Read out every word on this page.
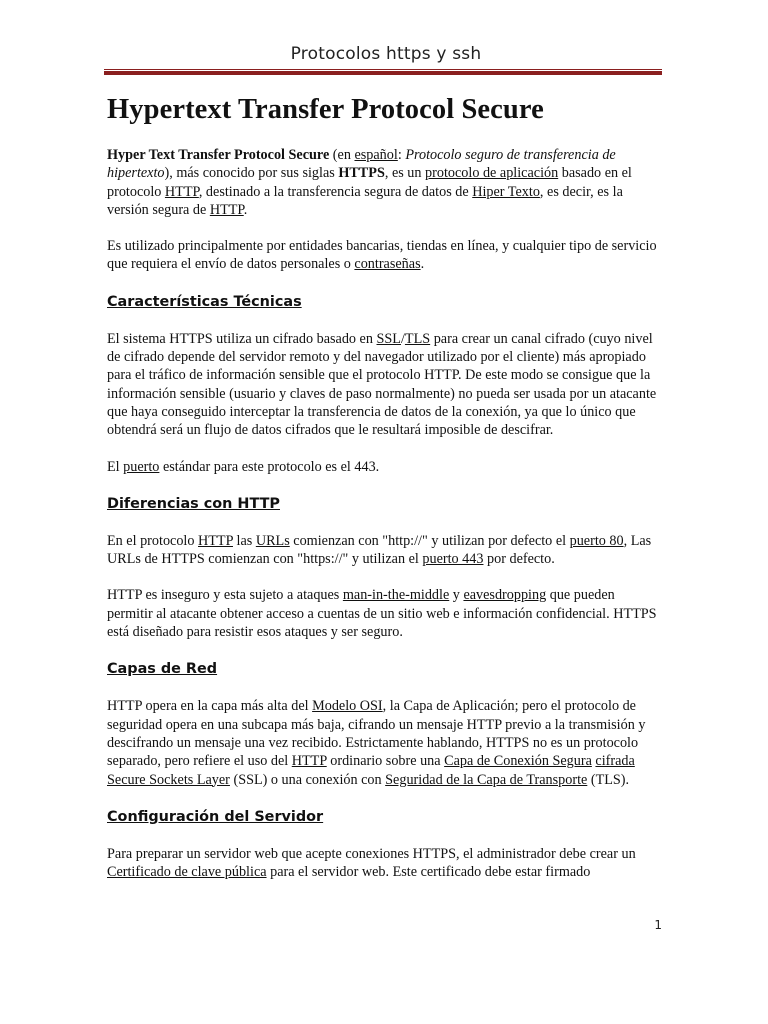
Protocolos https y ssh
Hypertext Transfer Protocol Secure

Hyper Text Transfer Protocol Secure (en español: Protocolo seguro de transferencia de hipertexto), más conocido por sus siglas HTTPS, es un protocolo de aplicación basado en el protocolo HTTP, destinado a la transferencia segura de datos de Hiper Texto, es decir, es la versión segura de HTTP.

Es utilizado principalmente por entidades bancarias, tiendas en línea, y cualquier tipo de servicio que requiera el envío de datos personales o contraseñas.

Características Técnicas

El sistema HTTPS utiliza un cifrado basado en SSL/TLS para crear un canal cifrado (cuyo nivel de cifrado depende del servidor remoto y del navegador utilizado por el cliente) más apropiado para el tráfico de información sensible que el protocolo HTTP. De este modo se consigue que la información sensible (usuario y claves de paso normalmente) no pueda ser usada por un atacante que haya conseguido interceptar la transferencia de datos de la conexión, ya que lo único que obtendrá será un flujo de datos cifrados que le resultará imposible de descifrar.

El puerto estándar para este protocolo es el 443.

Diferencias con HTTP

En el protocolo HTTP las URLs comienzan con "http://" y utilizan por defecto el puerto 80, Las URLs de HTTPS comienzan con "https://" y utilizan el puerto 443 por defecto.

HTTP es inseguro y esta sujeto a ataques man-in-the-middle y eavesdropping que pueden permitir al atacante obtener acceso a cuentas de un sitio web e información confidencial. HTTPS está diseñado para resistir esos ataques y ser seguro.

Capas de Red

HTTP opera en la capa más alta del Modelo OSI, la Capa de Aplicación; pero el protocolo de seguridad opera en una subcapa más baja, cifrando un mensaje HTTP previo a la transmisión y descifrando un mensaje una vez recibido. Estrictamente hablando, HTTPS no es un protocolo separado, pero refiere el uso del HTTP ordinario sobre una Capa de Conexión Segura cifrada Secure Sockets Layer (SSL) o una conexión con Seguridad de la Capa de Transporte (TLS).

Configuración del Servidor

Para preparar un servidor web que acepte conexiones HTTPS, el administrador debe crear un Certificado de clave pública para el servidor web. Este certificado debe estar firmado

1
